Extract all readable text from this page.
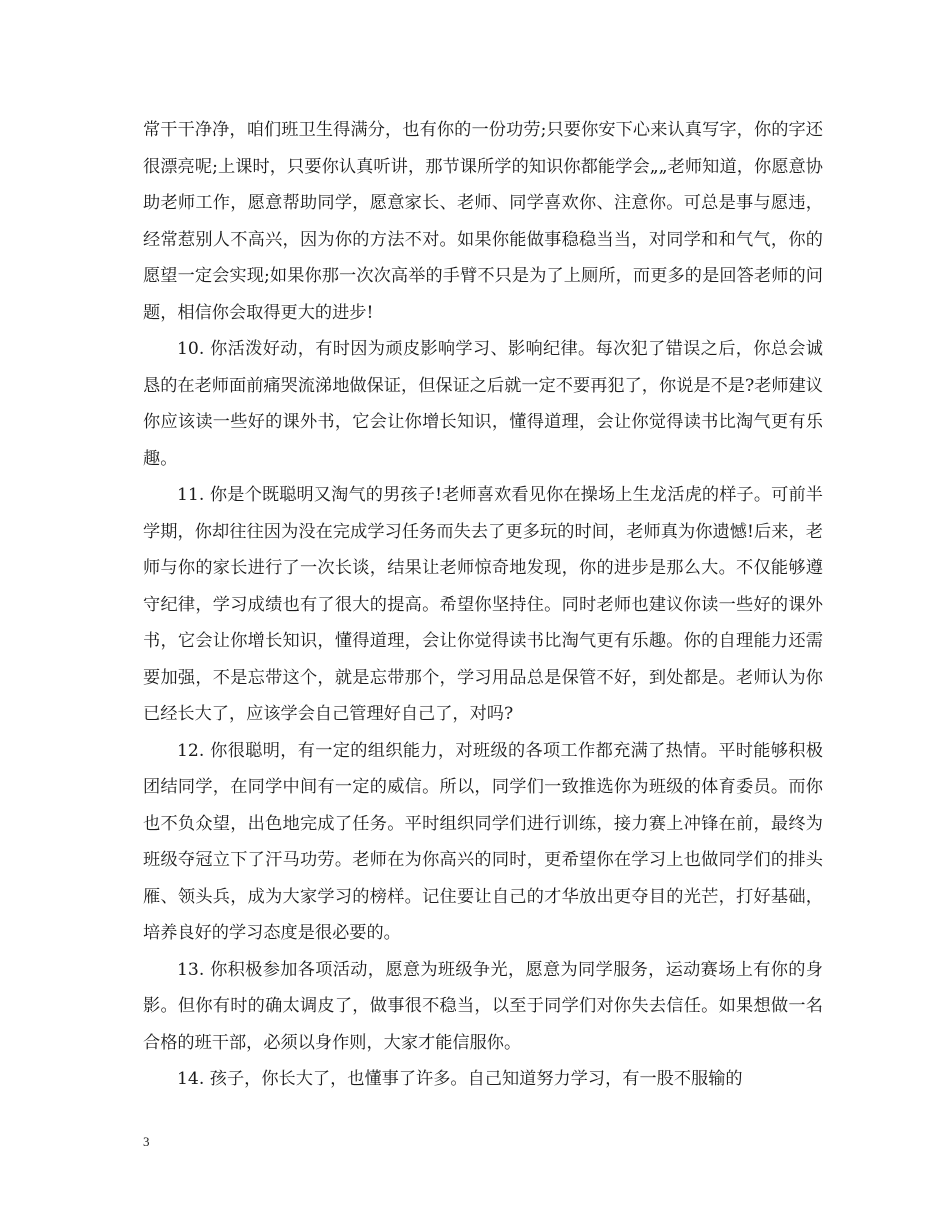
常干干净净，咱们班卫生得满分，也有你的一份功劳;只要你安下心来认真写字，你的字还很漂亮呢;上课时，只要你认真听讲，那节课所学的知识你都能学会„„老师知道，你愿意协助老师工作，愿意帮助同学，愿意家长、老师、同学喜欢你、注意你。可总是事与愿违，经常惹别人不高兴，因为你的方法不对。如果你能做事稳稳当当，对同学和和气气，你的愿望一定会实现;如果你那一次次高举的手臂不只是为了上厕所，而更多的是回答老师的问题，相信你会取得更大的进步!

10. 你活泼好动，有时因为顽皮影响学习、影响纪律。每次犯了错误之后，你总会诚恳的在老师面前痛哭流涕地做保证，但保证之后就一定不要再犯了，你说是不是?老师建议你应该读一些好的课外书，它会让你增长知识，懂得道理，会让你觉得读书比淘气更有乐趣。

11. 你是个既聪明又淘气的男孩子!老师喜欢看见你在操场上生龙活虎的样子。可前半学期，你却往往因为没在完成学习任务而失去了更多玩的时间，老师真为你遗憾!后来，老师与你的家长进行了一次长谈，结果让老师惊奇地发现，你的进步是那么大。不仅能够遵守纪律，学习成绩也有了很大的提高。希望你坚持住。同时老师也建议你读一些好的课外书，它会让你增长知识，懂得道理，会让你觉得读书比淘气更有乐趣。你的自理能力还需要加强，不是忘带这个，就是忘带那个，学习用品总是保管不好，到处都是。老师认为你已经长大了，应该学会自己管理好自己了，对吗?

12. 你很聪明，有一定的组织能力，对班级的各项工作都充满了热情。平时能够积极团结同学，在同学中间有一定的威信。所以，同学们一致推选你为班级的体育委员。而你也不负众望，出色地完成了任务。平时组织同学们进行训练，接力赛上冲锋在前，最终为班级夺冠立下了汗马功劳。老师在为你高兴的同时，更希望你在学习上也做同学们的排头雁、领头兵，成为大家学习的榜样。记住要让自己的才华放出更夺目的光芒，打好基础，培养良好的学习态度是很必要的。

13. 你积极参加各项活动，愿意为班级争光，愿意为同学服务，运动赛场上有你的身影。但你有时的确太调皮了，做事很不稳当，以至于同学们对你失去信任。如果想做一名合格的班干部，必须以身作则，大家才能信服你。

14. 孩子，你长大了，也懂事了许多。自己知道努力学习，有一股不服输的

3
